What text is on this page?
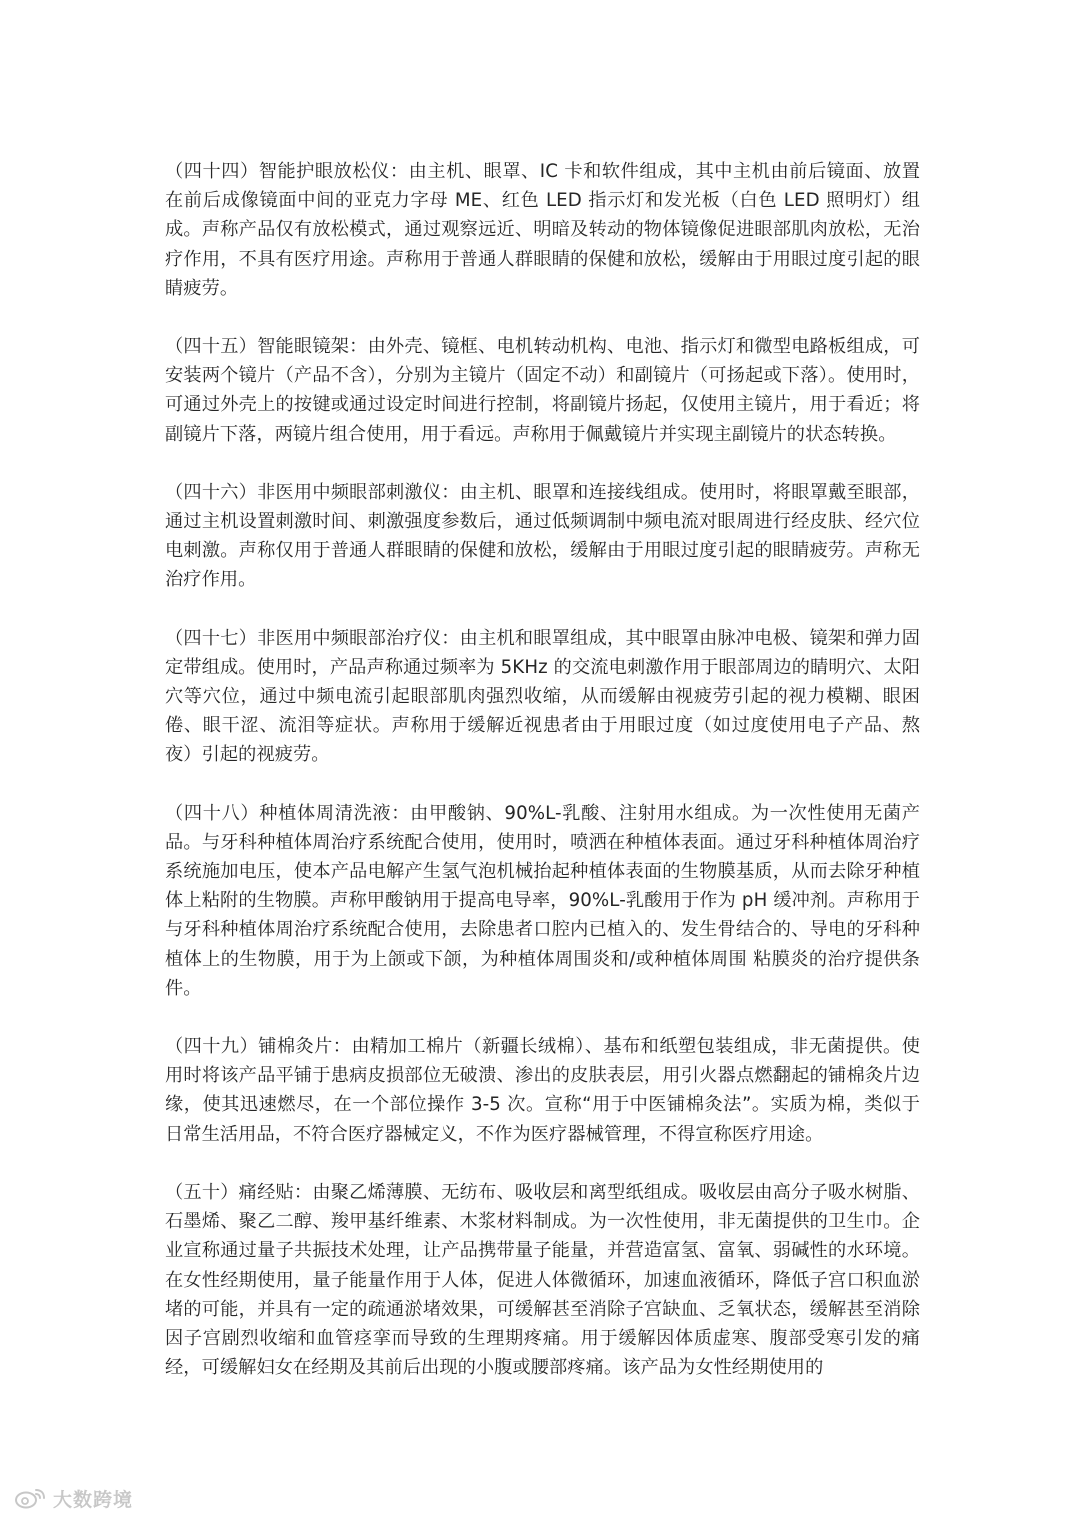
（四十四）智能护眼放松仪：由主机、眼罩、IC 卡和软件组成，其中主机由前后镜面、放置在前后成像镜面中间的亚克力字母 ME、红色 LED 指示灯和发光板（白色 LED 照明灯）组成。声称产品仅有放松模式，通过观察远近、明暗及转动的物体镜像促进眼部肌肉放松，无治疗作用，不具有医疗用途。声称用于普通人群眼睛的保健和放松，缓解由于用眼过度引起的眼睛疲劳。

（四十五）智能眼镜架：由外壳、镜框、电机转动机构、电池、指示灯和微型电路板组成，可安装两个镜片（产品不含），分别为主镜片（固定不动）和副镜片（可扬起或下落）。使用时，可通过外壳上的按键或通过设定时间进行控制，将副镜片扬起，仅使用主镜片，用于看近；将副镜片下落，两镜片组合使用，用于看远。声称用于佩戴镜片并实现主副镜片的状态转换。

（四十六）非医用中频眼部刺激仪：由主机、眼罩和连接线组成。使用时，将眼罩戴至眼部，通过主机设置刺激时间、刺激强度参数后，通过低频调制中频电流对眼周进行经皮肤、经穴位电刺激。声称仅用于普通人群眼睛的保健和放松，缓解由于用眼过度引起的眼睛疲劳。声称无治疗作用。

（四十七）非医用中频眼部治疗仪：由主机和眼罩组成，其中眼罩由脉冲电极、镜架和弹力固定带组成。使用时，产品声称通过频率为 5KHz 的交流电刺激作用于眼部周边的睛明穴、太阳穴等穴位，通过中频电流引起眼部肌肉强烈收缩，从而缓解由视疲劳引起的视力模糊、眼困倦、眼干涩、流泪等症状。声称用于缓解近视患者由于用眼过度（如过度使用电子产品、熬夜）引起的视疲劳。

（四十八）种植体周清洗液：由甲酸钠、90%L-乳酸、注射用水组成。为一次性使用无菌产品。与牙科种植体周治疗系统配合使用，使用时，喷洒在种植体表面。通过牙科种植体周治疗系统施加电压，使本产品电解产生氢气泡机械抬起种植体表面的生物膜基质，从而去除牙种植体上粘附的生物膜。声称甲酸钠用于提高电导率，90%L-乳酸用于作为 pH 缓冲剂。声称用于与牙科种植体周治疗系统配合使用，去除患者口腔内已植入的、发生骨结合的、导电的牙科种植体上的生物膜，用于为上颌或下颌，为种植体周围炎和/或种植体周围 粘膜炎的治疗提供条件。

（四十九）铺棉灸片：由精加工棉片（新疆长绒棉）、基布和纸塑包装组成，非无菌提供。使用时将该产品平铺于患病皮损部位无破溃、渗出的皮肤表层，用引火器点燃翻起的铺棉灸片边缘，使其迅速燃尽，在一个部位操作 3-5 次。宣称“用于中医铺棉灸法”。实质为棉，类似于日常生活用品，不符合医疗器械定义，不作为医疗器械管理，不得宣称医疗用途。

（五十）痛经贴：由聚乙烯薄膜、无纺布、吸收层和离型纸组成。吸收层由高分子吸水树脂、石墨烯、聚乙二醇、羧甲基纤维素、木浆材料制成。为一次性使用，非无菌提供的卫生巾。企业宣称通过量子共振技术处理，让产品携带量子能量，并营造富氢、富氧、弱碱性的水环境。在女性经期使用，量子能量作用于人体，促进人体微循环，加速血液循环，降低子宫口积血淤堵的可能，并具有一定的疏通淤堵效果，可缓解甚至消除子宫缺血、乏氧状态，缓解甚至消除因子宫剧烈收缩和血管痉挛而导致的生理期疼痛。用于缓解因体质虚寒、腹部受寒引发的痛经，可缓解妇女在经期及其前后出现的小腹或腰部疼痛。该产品为女性经期使用的

大数跨境
